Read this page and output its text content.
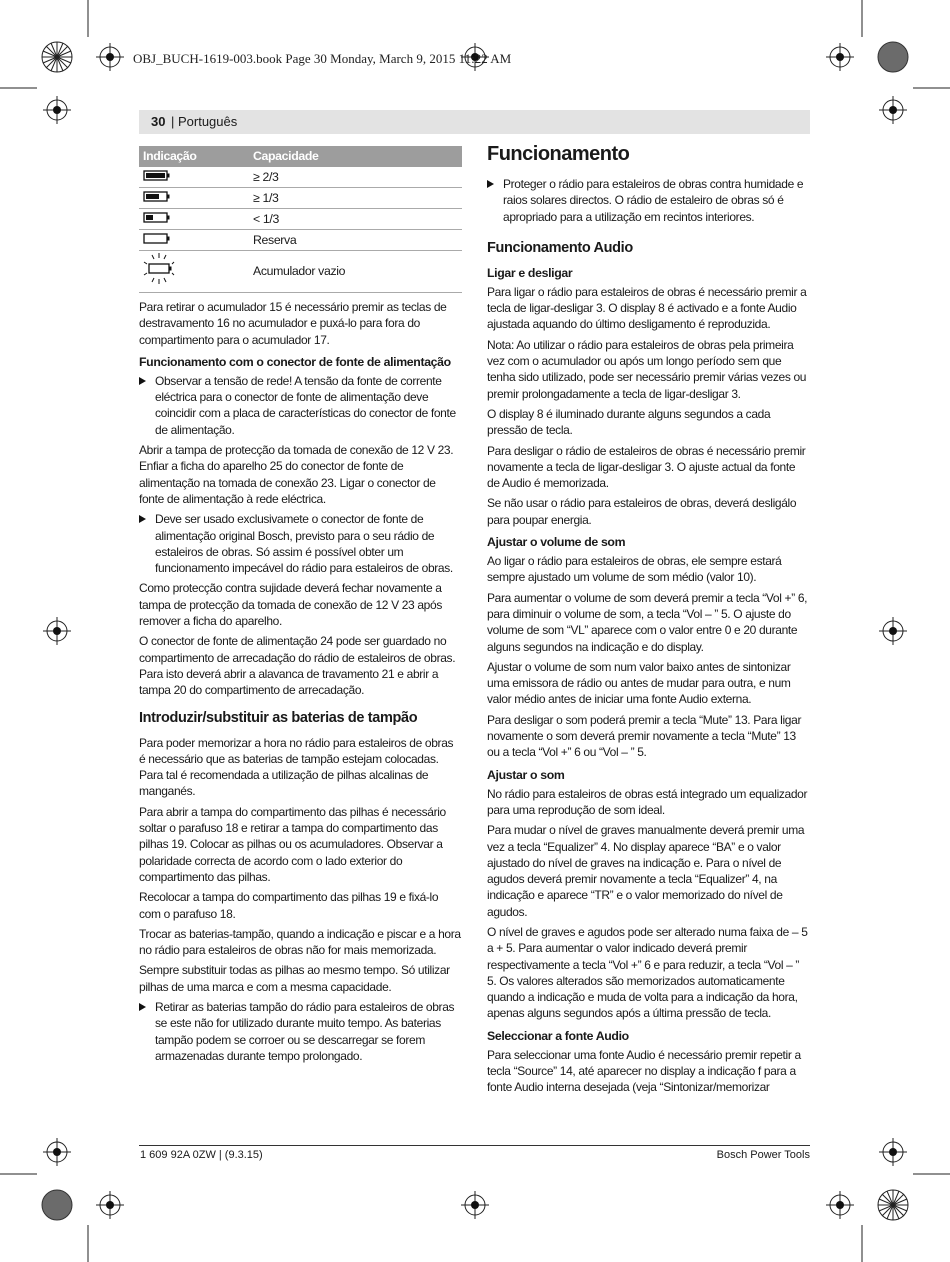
OBJ_BUCH-1619-003.book Page 30 Monday, March 9, 2015 11:22 AM
30 | Português
Indicação	Capacidade
	≥ 2/3
	≥ 1/3
	< 1/3
	Reserva
	Acumulador vazio

Para retirar o acumulador 15 é necessário premir as teclas de destravamento 16 no acumulador e puxá-lo para fora do compartimento para o acumulador 17.

Funcionamento com o conector de fonte de alimentação
Observar a tensão de rede! A tensão da fonte de corrente eléctrica para o conector de fonte de alimentação deve coincidir com a placa de características do conector de fonte de alimentação.

Abrir a tampa de protecção da tomada de conexão de 12 V 23. Enfiar a ficha do aparelho 25 do conector de fonte de alimentação na tomada de conexão 23. Ligar o conector de fonte de alimentação à rede eléctrica.

Deve ser usado exclusivamete o conector de fonte de alimentação original Bosch, previsto para o seu rádio de estaleiros de obras. Só assim é possível obter um funcionamento impecável do rádio para estaleiros de obras.

Como protecção contra sujidade deverá fechar novamente a tampa de protecção da tomada de conexão de 12 V 23 após remover a ficha do aparelho.

O conector de fonte de alimentação 24 pode ser guardado no compartimento de arrecadação do rádio de estaleiros de obras. Para isto deverá abrir a alavanca de travamento 21 e abrir a tampa 20 do compartimento de arrecadação.

Introduzir/substituir as baterias de tampão

Para poder memorizar a hora no rádio para estaleiros de obras é necessário que as baterias de tampão estejam colocadas. Para tal é recomendada a utilização de pilhas alcalinas de manganés.

Para abrir a tampa do compartimento das pilhas é necessário soltar o parafuso 18 e retirar a tampa do compartimento das pilhas 19. Colocar as pilhas ou os acumuladores. Observar a polaridade correcta de acordo com o lado exterior do compartimento das pilhas.

Recolocar a tampa do compartimento das pilhas 19 e fixá-lo com o parafuso 18.

Trocar as baterias-tampão, quando a indicação e piscar e a hora no rádio para estaleiros de obras não for mais memorizada.

Sempre substituir todas as pilhas ao mesmo tempo. Só utilizar pilhas de uma marca e com a mesma capacidade.

Retirar as baterias tampão do rádio para estaleiros de obras se este não for utilizado durante muito tempo. As baterias tampão podem se corroer ou se descarregar se forem armazenadas durante tempo prolongado.
Funcionamento
Proteger o rádio para estaleiros de obras contra humidade e raios solares directos. O rádio de estaleiro de obras só é apropriado para a utilização em recintos interiores.
Funcionamento Audio
Ligar e desligar

Para ligar o rádio para estaleiros de obras é necessário premir a tecla de ligar-desligar 3. O display 8 é activado e a fonte Audio ajustada aquando do último desligamento é reproduzida.

Nota: Ao utilizar o rádio para estaleiros de obras pela primeira vez com o acumulador ou após um longo período sem que tenha sido utilizado, pode ser necessário premir várias vezes ou premir prolongadamente a tecla de ligar-desligar 3.

O display 8 é iluminado durante alguns segundos a cada pressão de tecla.

Para desligar o rádio de estaleiros de obras é necessário premir novamente a tecla de ligar-desligar 3. O ajuste actual da fonte de Audio é memorizada.

Se não usar o rádio para estaleiros de obras, deverá desligálo para poupar energia.

Ajustar o volume de som

Ao ligar o rádio para estaleiros de obras, ele sempre estará sempre ajustado um volume de som médio (valor 10).

Para aumentar o volume de som deverá premir a tecla “Vol +” 6, para diminuir o volume de som, a tecla “Vol – ” 5. O ajuste do volume de som “VL” aparece com o valor entre 0 e 20 durante alguns segundos na indicação e do display.

Ajustar o volume de som num valor baixo antes de sintonizar uma emissora de rádio ou antes de mudar para outra, e num valor médio antes de iniciar uma fonte Audio externa.

Para desligar o som poderá premir a tecla “Mute” 13. Para ligar novamente o som deverá premir novamente a tecla “Mute” 13 ou a tecla “Vol +” 6 ou “Vol – ” 5.

Ajustar o som

No rádio para estaleiros de obras está integrado um equalizador para uma reprodução de som ideal.

Para mudar o nível de graves manualmente deverá premir uma vez a tecla “Equalizer” 4. No display aparece “BA” e o valor ajustado do nível de graves na indicação e. Para o nível de agudos deverá premir novamente a tecla “Equalizer” 4, na indicação e aparece “TR” e o valor memorizado do nível de agudos.

O nível de graves e agudos pode ser alterado numa faixa de – 5 a + 5. Para aumentar o valor indicado deverá premir respectivamente a tecla “Vol +” 6 e para reduzir, a tecla “Vol – ” 5. Os valores alterados são memorizados automaticamente quando a indicação e muda de volta para a indicação da hora, apenas alguns segundos após a última pressão de tecla.

Seleccionar a fonte Audio

Para seleccionar uma fonte Audio é necessário premir repetir a tecla “Source” 14, até aparecer no display a indicação f para a fonte Audio interna desejada (veja “Sintonizar/memorizar

1 609 92A 0ZW | (9.3.15)	Bosch Power Tools
